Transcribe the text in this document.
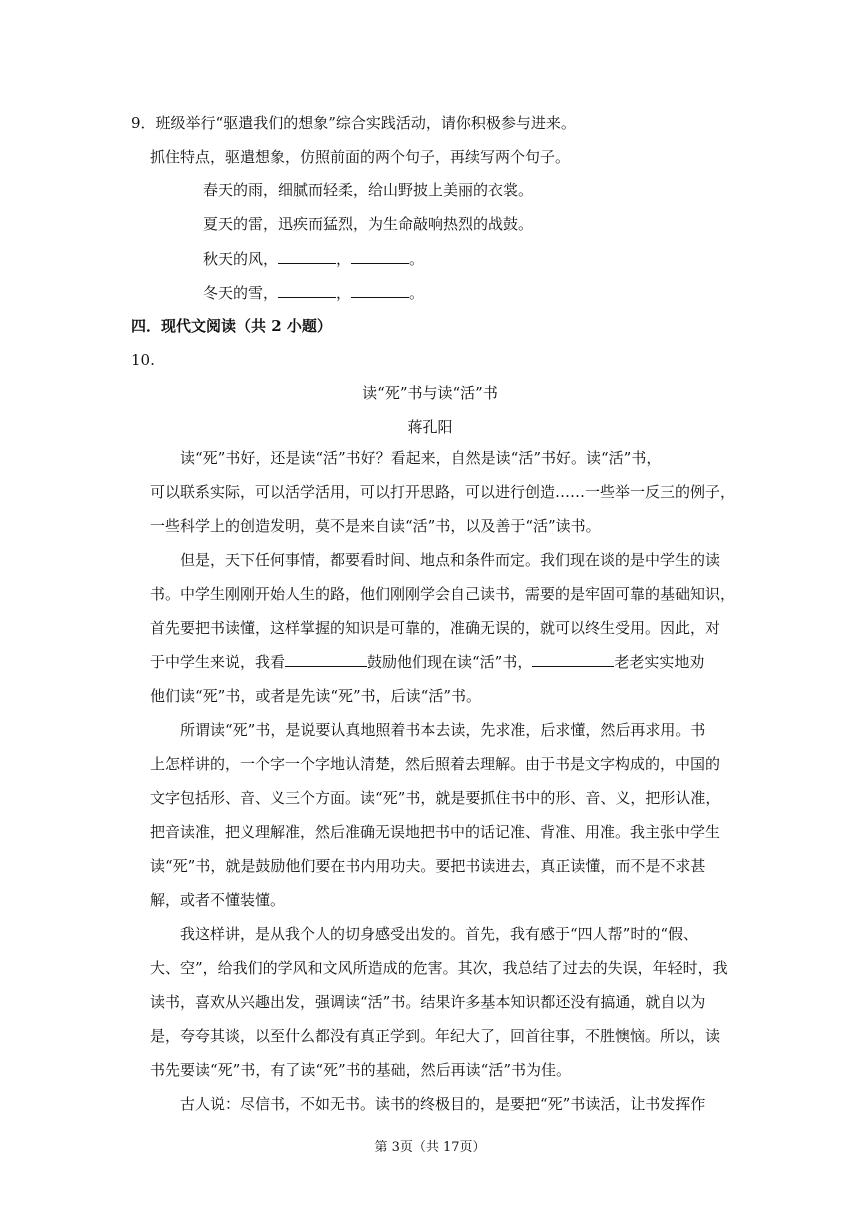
9．班级举行“驱遣我们的想象”综合实践活动，请你积极参与进来。
抓住特点，驱遣想象，仿照前面的两个句子，再续写两个句子。
春天的雨，细腻而轻柔，给山野披上美丽的衣裳。
夏天的雷，迅疾而猛烈，为生命敲响热烈的战鼓。
秋天的风，	，	。
冬天的雪，	，	。
四．现代文阅读（共 2 小题）
10.
读“死”书与读“活”书
蒋孔阳
读“死”书好，还是读“活”书好？看起来，自然是读“活”书好。读“活”书，
可以联系实际，可以活学活用，可以打开思路，可以进行创造……一些举一反三的例子，
一些科学上的创造发明，莫不是来自读“活”书，以及善于“活”读书。
但是，天下任何事情，都要看时间、地点和条件而定。我们现在谈的是中学生的读
书。中学生刚刚开始人生的路，他们刚刚学会自己读书，需要的是牢固可靠的基础知识，
首先要把书读懂，这样掌握的知识是可靠的，准确无误的，就可以终生受用。因此，对
于中学生来说，我看	鼓励他们现在读“活”书，	老老实实地劝
他们读“死”书，或者是先读“死”书，后读“活”书。
所谓读“死”书，是说要认真地照着书本去读，先求准，后求懂，然后再求用。书
上怎样讲的，一个字一个字地认清楚，然后照着去理解。由于书是文字构成的，中国的
文字包括形、音、义三个方面。读“死”书，就是要抓住书中的形、音、义，把形认准，
把音读准，把义理解准，然后准确无误地把书中的话记准、背准、用准。我主张中学生
读“死”书，就是鼓励他们要在书内用功夫。要把书读进去，真正读懂，而不是不求甚
解，或者不懂装懂。
我这样讲，是从我个人的切身感受出发的。首先，我有感于“四人帮”时的“假、
大、空”，给我们的学风和文风所造成的危害。其次，我总结了过去的失误，年轻时，我
读书，喜欢从兴趣出发，强调读“活”书。结果许多基本知识都还没有搞通，就自以为
是，夸夸其谈，以至什么都没有真正学到。年纪大了，回首往事，不胜懊恼。所以，读
书先要读“死”书，有了读“死”书的基础，然后再读“活”书为佳。
古人说：尽信书，不如无书。读书的终极目的，是要把“死”书读活，让书发挥作
第 3页（共 17页）
